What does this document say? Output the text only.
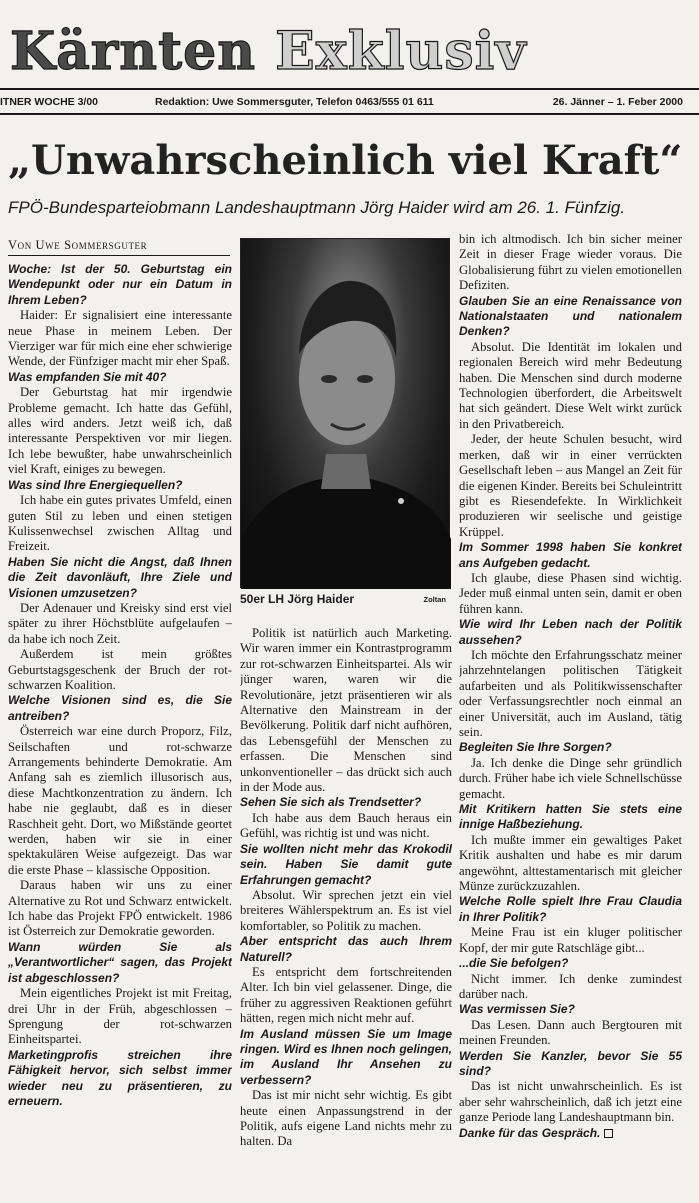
Kärnten Exklusiv
ITNER WOCHE 3/00	Redaktion: Uwe Sommersguter, Telefon 0463/555 01 611	26. Jänner – 1. Feber 2000
„Unwahrscheinlich viel Kraft“
FPÖ-Bundesparteiobmann Landeshauptmann Jörg Haider wird am 26. 1. Fünfzig.
Von Uwe Sommersguter

Woche: Ist der 50. Geburtstag ein Wendepunkt oder nur ein Datum in Ihrem Leben?

Haider: Er signalisiert eine interessante neue Phase in meinem Leben. Der Vierziger war für mich eine eher schwierige Wende, der Fünfziger macht mir eher Spaß.

Was empfanden Sie mit 40?

Der Geburtstag hat mir irgendwie Probleme gemacht. Ich hatte das Gefühl, alles wird anders. Jetzt weiß ich, daß interessante Perspektiven vor mir liegen. Ich lebe bewußter, habe unwahrscheinlich viel Kraft, einiges zu bewegen.

Was sind Ihre Energiequellen?

Ich habe ein gutes privates Umfeld, einen guten Stil zu leben und einen stetigen Kulissenwechsel zwischen Alltag und Freizeit.

Haben Sie nicht die Angst, daß Ihnen die Zeit davonläuft, Ihre Ziele und Visionen umzusetzen?

Der Adenauer und Kreisky sind erst viel später zu ihrer Höchstblüte aufgelaufen – da habe ich noch Zeit.

Außerdem ist mein größtes Geburtstagsgeschenk der Bruch der rot-schwarzen Koalition.

Welche Visionen sind es, die Sie antreiben?

Österreich war eine durch Proporz, Filz, Seilschaften und rot-schwarze Arrangements behinderte Demokratie. Am Anfang sah es ziemlich illusorisch aus, diese Machtkonzentration zu ändern. Ich habe nie geglaubt, daß es in dieser Raschheit geht. Dort, wo Mißstände geortet werden, haben wir sie in einer spektakulären Weise aufgezeigt. Das war die erste Phase – klassische Opposition.

Daraus haben wir uns zu einer Alternative zu Rot und Schwarz entwickelt. Ich habe das Projekt FPÖ entwickelt. 1986 ist Österreich zur Demokratie geworden.

Wann würden Sie als „Verantwortlicher“ sagen, das Projekt ist abgeschlossen?

Mein eigentliches Projekt ist mit Freitag, drei Uhr in der Früh, abgeschlossen – Sprengung der rot-schwarzen Einheitspartei.

Marketingprofis streichen ihre Fähigkeit hervor, sich selbst immer wieder neu zu präsentieren, zu erneuern.

50er LH Jörg Haider	Zoltan

Politik ist natürlich auch Marketing. Wir waren immer ein Kontrastprogramm zur rot-schwarzen Einheitspartei. Als wir jünger waren, waren wir die Revolutionäre, jetzt präsentieren wir als Alternative den Mainstream in der Bevölkerung. Politik darf nicht aufhören, das Lebensgefühl der Menschen zu erfassen. Die Menschen sind unkonventioneller – das drückt sich auch in der Mode aus.

Sehen Sie sich als Trendsetter?

Ich habe aus dem Bauch heraus ein Gefühl, was richtig ist und was nicht.

Sie wollten nicht mehr das Krokodil sein. Haben Sie damit gute Erfahrungen gemacht?

Absolut. Wir sprechen jetzt ein viel breiteres Wählerspektrum an. Es ist viel komfortabler, so Politik zu machen.

Aber entspricht das auch Ihrem Naturell?

Es entspricht dem fortschreitenden Alter. Ich bin viel gelassener. Dinge, die früher zu aggressiven Reaktionen geführt hätten, regen mich nicht mehr auf.

Im Ausland müssen Sie um Image ringen. Wird es Ihnen noch gelingen, im Ausland Ihr Ansehen zu verbessern?

Das ist mir nicht sehr wichtig. Es gibt heute einen Anpassungstrend in der Politik, aufs eigene Land nichts mehr zu halten. Da

bin ich altmodisch. Ich bin sicher meiner Zeit in dieser Frage wieder voraus. Die Globalisierung führt zu vielen emotionellen Defiziten.

Glauben Sie an eine Renaissance von Nationalstaaten und nationalem Denken?

Absolut. Die Identität im lokalen und regionalen Bereich wird mehr Bedeutung haben. Die Menschen sind durch moderne Technologien überfordert, die Arbeitswelt hat sich geändert. Diese Welt wirkt zurück in den Privatbereich.

Jeder, der heute Schulen besucht, wird merken, daß wir in einer verrückten Gesellschaft leben – aus Mangel an Zeit für die eigenen Kinder. Bereits bei Schuleintritt gibt es Riesendefekte. In Wirklichkeit produzieren wir seelische und geistige Krüppel.

Im Sommer 1998 haben Sie konkret ans Aufgeben gedacht.

Ich glaube, diese Phasen sind wichtig. Jeder muß einmal unten sein, damit er oben führen kann.

Wie wird Ihr Leben nach der Politik aussehen?

Ich möchte den Erfahrungsschatz meiner jahrzehntelangen politischen Tätigkeit aufarbeiten und als Politikwissenschafter oder Verfassungsrechtler noch einmal an einer Universität, auch im Ausland, tätig sein.

Begleiten Sie Ihre Sorgen?

Ja. Ich denke die Dinge sehr gründlich durch. Früher habe ich viele Schnellschüsse gemacht.

Mit Kritikern hatten Sie stets eine innige Haßbeziehung.

Ich mußte immer ein gewaltiges Paket Kritik aushalten und habe es mir darum angewöhnt, alttestamentarisch mit gleicher Münze zurückzuzahlen.

Welche Rolle spielt Ihre Frau Claudia in Ihrer Politik?

Meine Frau ist ein kluger politischer Kopf, der mir gute Ratschläge gibt...

...die Sie befolgen?

Nicht immer. Ich denke zumindest darüber nach.

Was vermissen Sie?

Das Lesen. Dann auch Bergtouren mit meinen Freunden.

Werden Sie Kanzler, bevor Sie 55 sind?

Das ist nicht unwahrscheinlich. Es ist aber sehr wahrscheinlich, daß ich jetzt eine ganze Periode lang Landeshauptmann bin.

Danke für das Gespräch.
